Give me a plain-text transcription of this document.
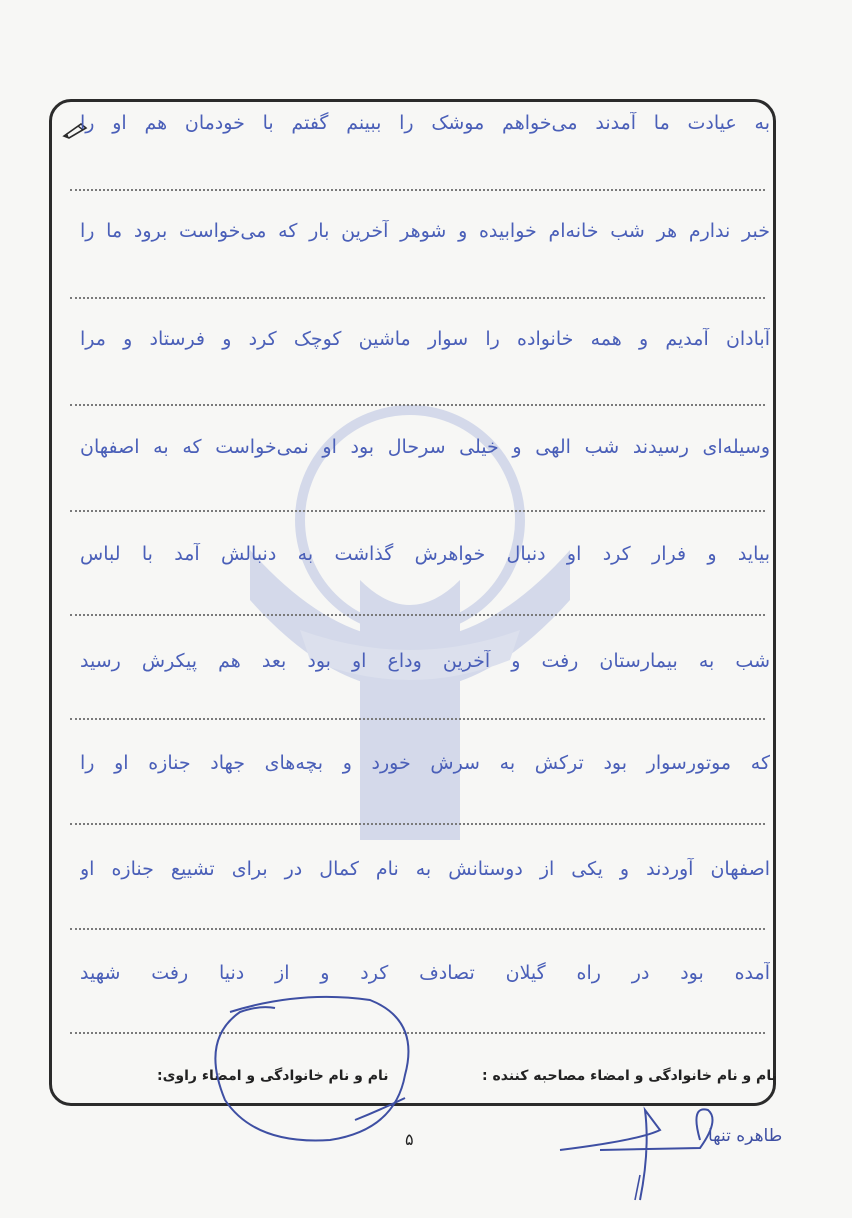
به عیادت ما آمدند می‌خواهم موشک را ببینم گفتم با خودمان هم او را
خبر ندارم هر شب خانه‌ام خوابیده و شوهر آخرین بار که می‌خواست برود ما را
آبادان آمدیم و همه خانواده را سوار ماشین کوچک کرد و فرستاد و مرا
وسیله‌ای رسیدند شب الهی و خیلی سرحال بود او نمی‌خواست که به اصفهان
بیاید و فرار کرد او دنبال خواهرش گذاشت به دنبالش آمد با لباس
شب به بیمارستان رفت و آخرین وداع او بود بعد هم پیکرش رسید
که موتورسوار بود ترکش به سرش خورد و بچه‌های جهاد جنازه او را
اصفهان آوردند و یکی از دوستانش به نام کمال در برای تشییع جنازه او
آمده بود در راه گیلان تصادف کرد و از دنیا رفت شهید
نام و نام خانوادگی و امضاء مصاحبه کننده :
نام و نام خانوادگی و امضاء راوی:
۵	طاهره تنها
